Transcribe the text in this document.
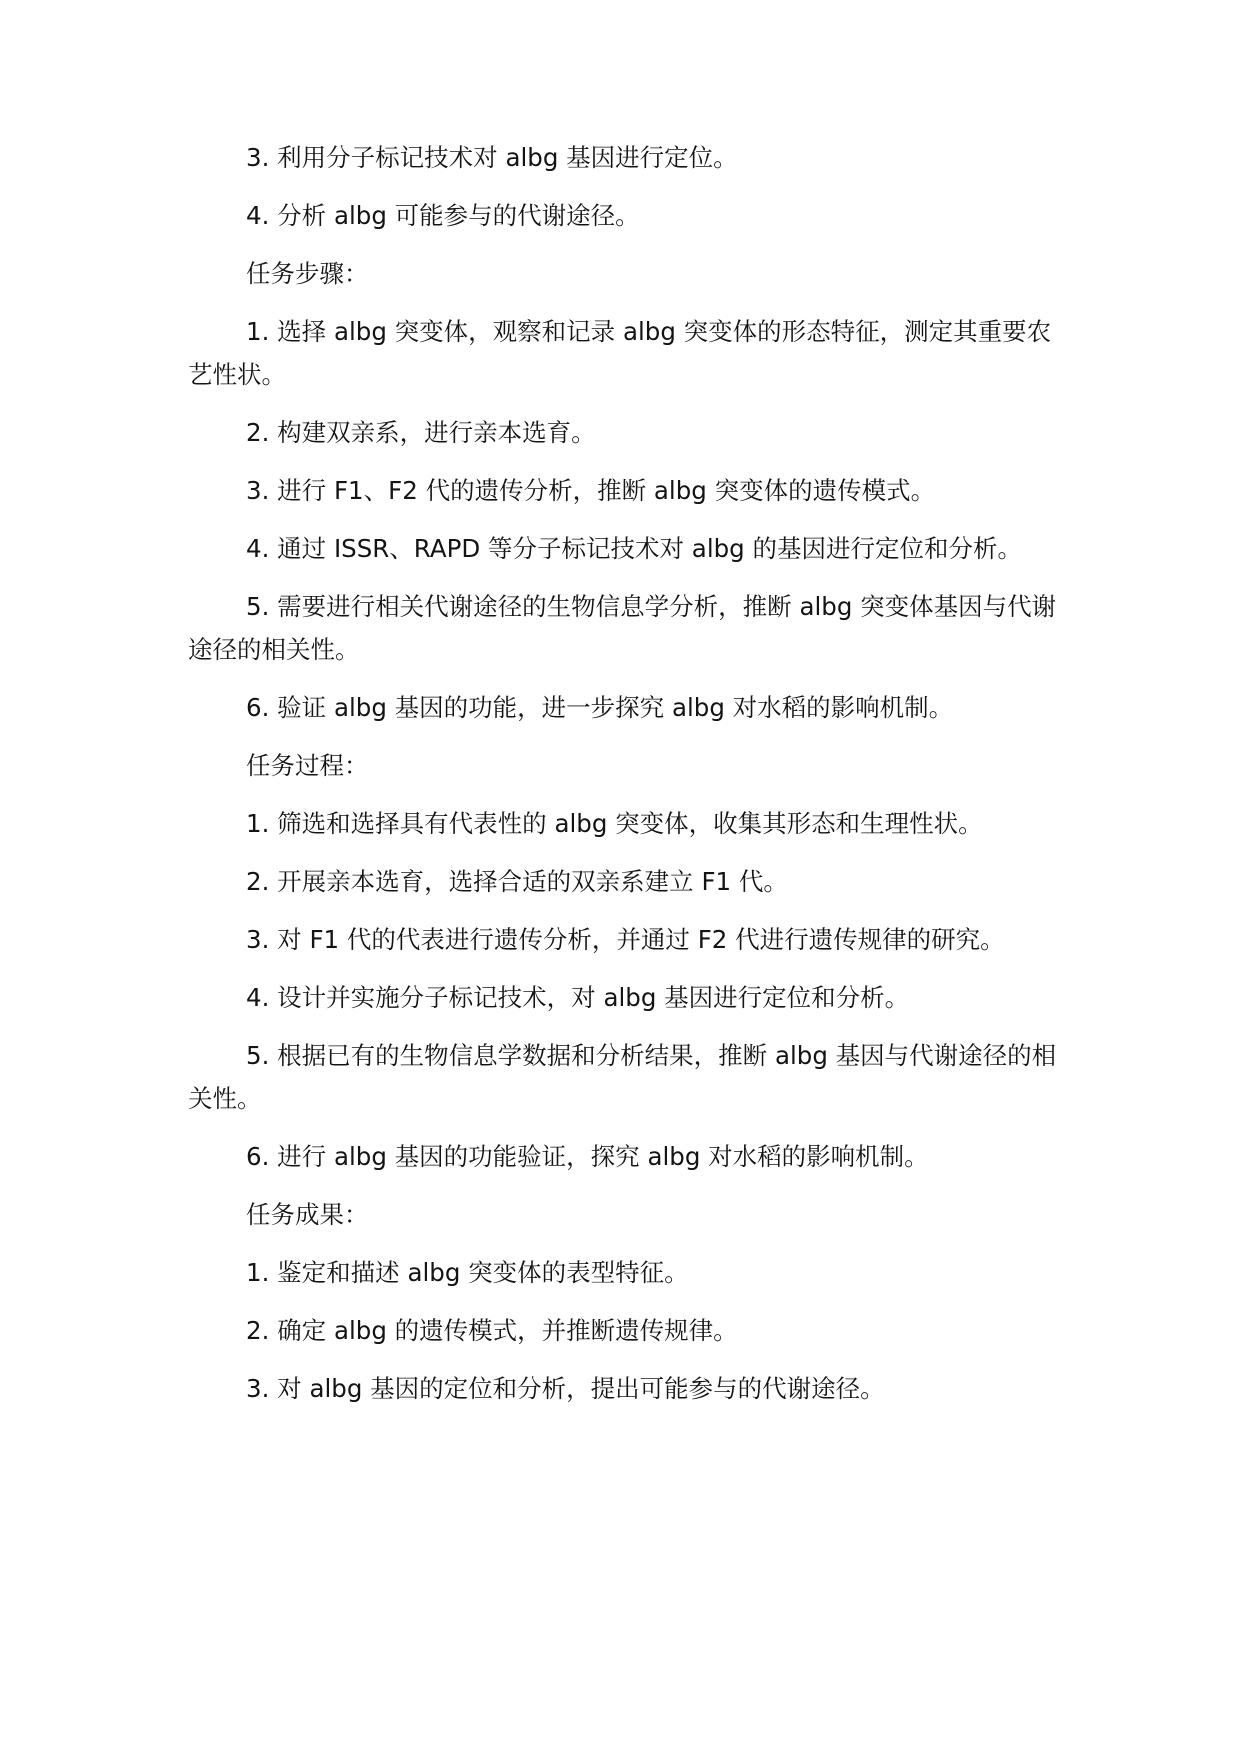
3. 利用分子标记技术对 albg 基因进行定位。

4. 分析 albg 可能参与的代谢途径。

任务步骤：

1. 选择 albg 突变体，观察和记录 albg 突变体的形态特征，测定其重要农艺性状。

2. 构建双亲系，进行亲本选育。

3. 进行 F1、F2 代的遗传分析，推断 albg 突变体的遗传模式。

4. 通过 ISSR、RAPD 等分子标记技术对 albg 的基因进行定位和分析。

5. 需要进行相关代谢途径的生物信息学分析，推断 albg 突变体基因与代谢途径的相关性。

6. 验证 albg 基因的功能，进一步探究 albg 对水稻的影响机制。

任务过程：

1. 筛选和选择具有代表性的 albg 突变体，收集其形态和生理性状。

2. 开展亲本选育，选择合适的双亲系建立 F1 代。

3. 对 F1 代的代表进行遗传分析，并通过 F2 代进行遗传规律的研究。

4. 设计并实施分子标记技术，对 albg 基因进行定位和分析。

5. 根据已有的生物信息学数据和分析结果，推断 albg 基因与代谢途径的相关性。

6. 进行 albg 基因的功能验证，探究 albg 对水稻的影响机制。

任务成果：

1. 鉴定和描述 albg 突变体的表型特征。

2. 确定 albg 的遗传模式，并推断遗传规律。

3. 对 albg 基因的定位和分析，提出可能参与的代谢途径。
